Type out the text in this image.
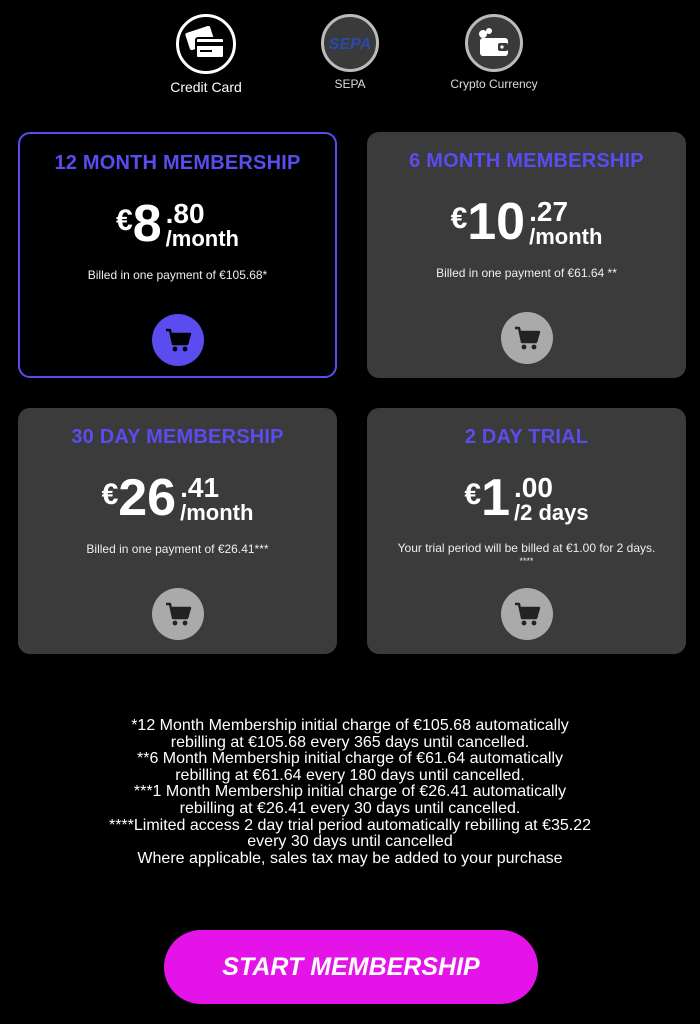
Credit Card
SEPA
SEPA	Crypto Currency
12 MONTH MEMBERSHIP
€ 8 .80
/month
Billed in one payment of €105.68*
6 MONTH MEMBERSHIP
€ 10 .27
/month
Billed in one payment of €61.64 **
30 DAY MEMBERSHIP
€ 26 .41
/month
Billed in one payment of €26.41***
2 DAY TRIAL
€ 1 .00
/2 days
Your trial period will be billed at €1.00 for 2 days.
****
*12 Month Membership initial charge of €105.68 automatically
rebilling at €105.68 every 365 days until cancelled.
**6 Month Membership initial charge of €61.64 automatically
rebilling at €61.64 every 180 days until cancelled.
***1 Month Membership initial charge of €26.41 automatically
rebilling at €26.41 every 30 days until cancelled.
****Limited access 2 day trial period automatically rebilling at €35.22
every 30 days until cancelled
Where applicable, sales tax may be added to your purchase
START MEMBERSHIP
